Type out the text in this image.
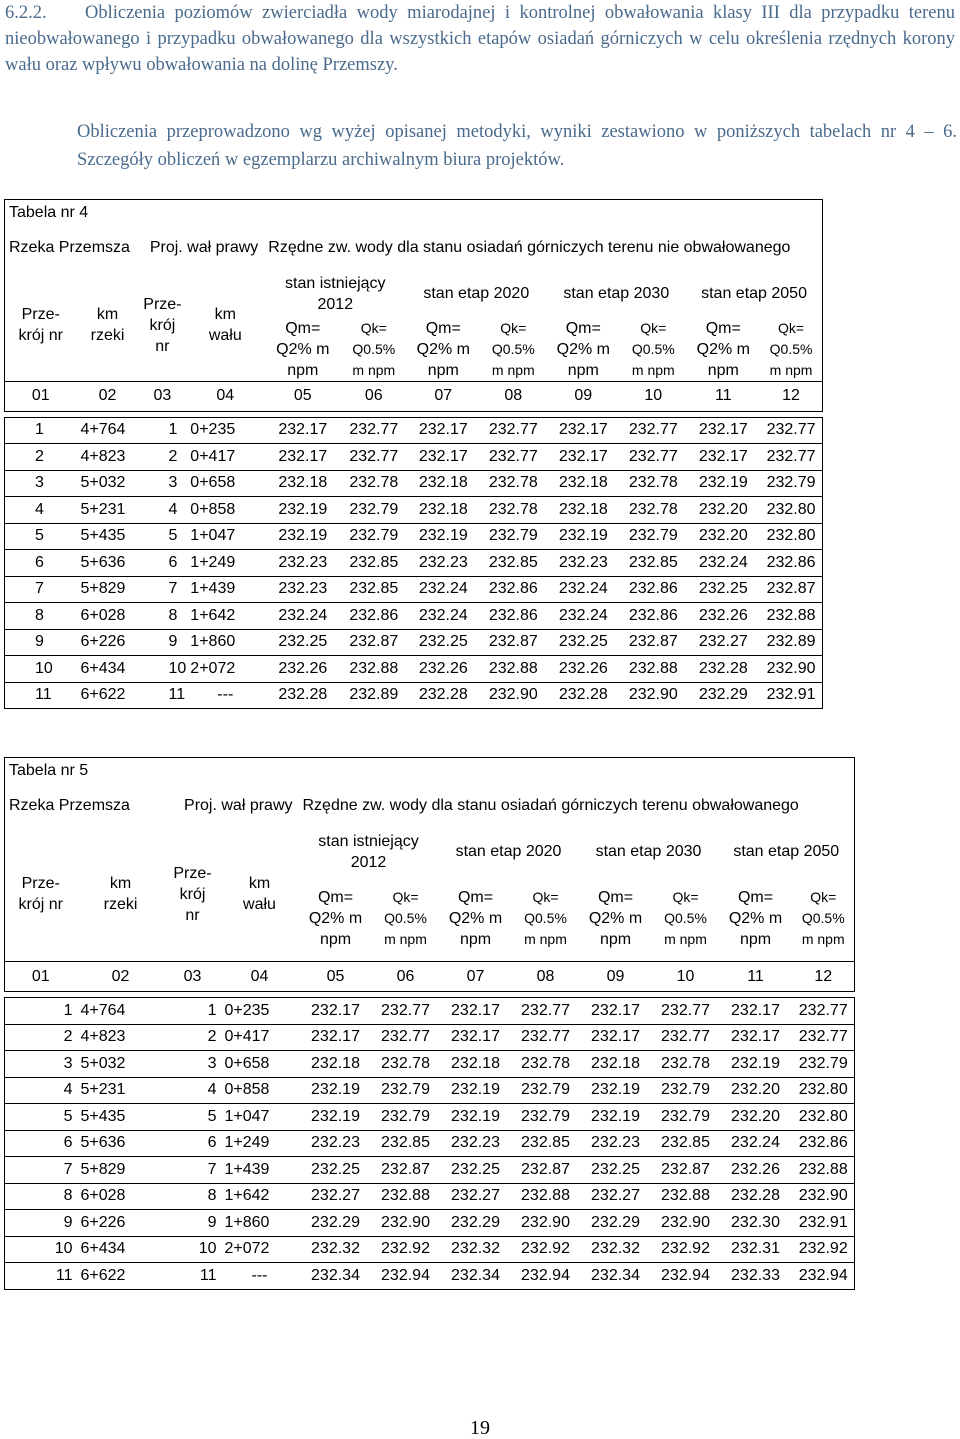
6.2.2. Obliczenia poziomów zwierciadła wody miarodajnej i kontrolnej obwałowania klasy III dla przypadku terenu nieobwałowanego i przypadku obwałowanego dla wszystkich etapów osiadań górniczych w celu określenia rzędnych korony wału oraz wpływu obwałowania na dolinę Przemszy.
Obliczenia przeprowadzono wg wyżej opisanej metodyki, wyniki zestawiono w poniższych tabelach nr 4 – 6. Szczegóły obliczeń w egzemplarzu archiwalnym biura projektów.
Tabela nr 4											
Rzeka Przemsza		Proj. wał prawy		Rzędne zw. wody dla stanu osiadań górniczych terenu nie obwałowanego							
Prze-krój nr	km rzeki	Prze-krój nr	km wału	stan istniejący 2012		stan etap 2020		stan etap 2030		stan etap 2050	
				Qm= Q2% m npm	Qk= Q0.5% m npm	Qm= Q2% m npm	Qk= Q0.5% m npm	Qm= Q2% m npm	Qk= Q0.5% m npm	Qm= Q2% m npm	Qk= Q0.5% m npm
01	02	03	04	05	06	07	08	09	10	11	12

1	4+764	1	0+235	232.17	232.77	232.17	232.77	232.17	232.77	232.17	232.77
2	4+823	2	0+417	232.17	232.77	232.17	232.77	232.17	232.77	232.17	232.77
3	5+032	3	0+658	232.18	232.78	232.18	232.78	232.18	232.78	232.19	232.79
4	5+231	4	0+858	232.19	232.79	232.18	232.78	232.18	232.78	232.20	232.80
5	5+435	5	1+047	232.19	232.79	232.19	232.79	232.19	232.79	232.20	232.80
6	5+636	6	1+249	232.23	232.85	232.23	232.85	232.23	232.85	232.24	232.86
7	5+829	7	1+439	232.23	232.85	232.24	232.86	232.24	232.86	232.25	232.87
8	6+028	8	1+642	232.24	232.86	232.24	232.86	232.24	232.86	232.26	232.88
9	6+226	9	1+860	232.25	232.87	232.25	232.87	232.25	232.87	232.27	232.89
10	6+434	10	2+072	232.26	232.88	232.26	232.88	232.26	232.88	232.28	232.90
11	6+622	11	---	232.28	232.89	232.28	232.90	232.28	232.90	232.29	232.91
Tabela nr 5											
Rzeka Przemsza		Proj. wał prawy		Rzędne zw. wody dla stanu osiadań górniczych terenu obwałowanego							
Prze-krój nr	km rzeki	Prze-krój nr	km wału	stan istniejący 2012		stan etap 2020		stan etap 2030		stan etap 2050	
				Qm= Q2% m npm	Qk= Q0.5% m npm	Qm= Q2% m npm	Qk= Q0.5% m npm	Qm= Q2% m npm	Qk= Q0.5% m npm	Qm= Q2% m npm	Qk= Q0.5% m npm
01	02	03	04	05	06	07	08	09	10	11	12

1	4+764	1	0+235	232.17	232.77	232.17	232.77	232.17	232.77	232.17	232.77
2	4+823	2	0+417	232.17	232.77	232.17	232.77	232.17	232.77	232.17	232.77
3	5+032	3	0+658	232.18	232.78	232.18	232.78	232.18	232.78	232.19	232.79
4	5+231	4	0+858	232.19	232.79	232.19	232.79	232.19	232.79	232.20	232.80
5	5+435	5	1+047	232.19	232.79	232.19	232.79	232.19	232.79	232.20	232.80
6	5+636	6	1+249	232.23	232.85	232.23	232.85	232.23	232.85	232.24	232.86
7	5+829	7	1+439	232.25	232.87	232.25	232.87	232.25	232.87	232.26	232.88
8	6+028	8	1+642	232.27	232.88	232.27	232.88	232.27	232.88	232.28	232.90
9	6+226	9	1+860	232.29	232.90	232.29	232.90	232.29	232.90	232.30	232.91
10	6+434	10	2+072	232.32	232.92	232.32	232.92	232.32	232.92	232.31	232.92
11	6+622	11	---	232.34	232.94	232.34	232.94	232.34	232.94	232.33	232.94
19
